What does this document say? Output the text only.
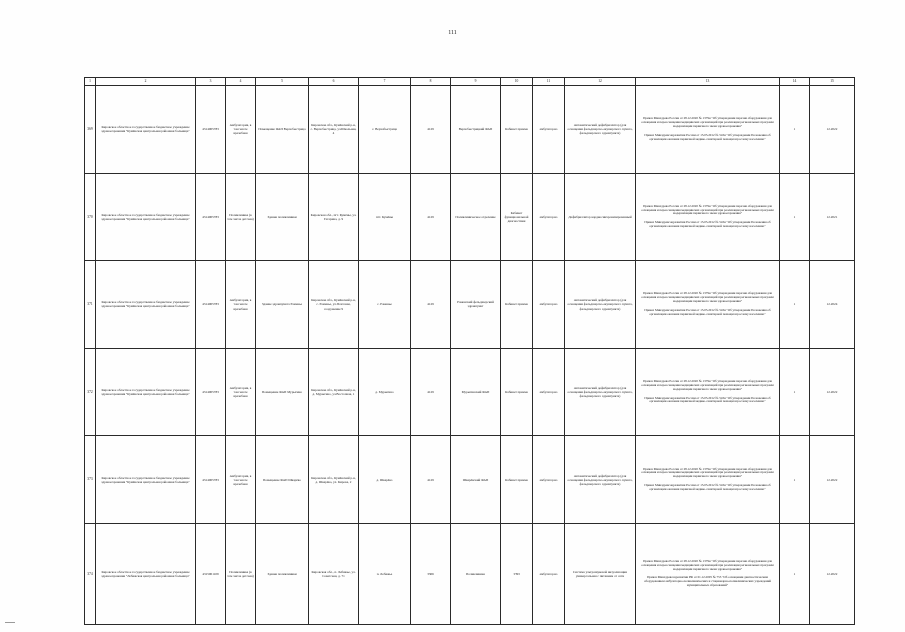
111
1	2	3	4	5	6	7	8	9	10	11	12	13	14	15
369	Кировское областное государственное бюджетное учреждение здравоохранения "Кумёнская центральная районная больница"	4314005783	Амбулатория, в том числе врачебная	Помещение ФАП Верхобыстрица	Кировская обл., Кумёнский р-н, с. Верхобыстрица, ул.Школьная, 4	с. Верхобыстрица	4129	Верхобыстрицкий ФАП	Кабинет приема	амбулаторно	Автоматический дефибриллятор (для оснащения фельдшерско-акушерского пункта, фельдшерского здравпункта)	Приказ Минздрава России от 28.12.2020 № 1379н "Об утверждении перечня оборудования для оснащения и переоснащения медицинских организаций при реализации региональных программ модернизации первичного звена здравоохранения"
Приказ Минздравсоцразвития России от 15.05.2012 № 543н "Об утверждении Положения об организации оказания первичной медико-санитарной помощи взрослому населению"	1	12.2022
370	Кировское областное государственное бюджетное учреждение здравоохранения "Кумёнская центральная районная больница"	4314005783	Поликлиника (в том числе детская)	Здание поликлиники	Кировская обл., пгт. Кумёны, ул. Гагарина, д. 9	пгт. Кумёны	4129	Поликлиническое отделение	Кабинет функциональной диагностики	амбулаторно	Дефибриллятор кардиосинхронизированный	Приказ Минздрава России от 28.12.2020 № 1379н "Об утверждении перечня оборудования для оснащения и переоснащения медицинских организаций при реализации региональных программ модернизации первичного звена здравоохранения"
Приказ Минздравсоцразвития России от 15.05.2012 № 543н "Об утверждении Положения об организации оказания первичной медико-санитарной помощи взрослому населению"	1	12.2021
371	Кировское областное государственное бюджетное учреждение здравоохранения "Кумёнская центральная районная больница"	4314005783	Амбулатория, в том числе врачебная	Здание здравпункта Раменье	Кировская обл., Кумёнский р-н, с. Раменье, ул.Почтовая, сооружение 9	с. Раменье	4129	Раменский фельдшерский здравпункт	Кабинет приема	амбулаторно	Автоматический дефибриллятор (для оснащения фельдшерско-акушерского пункта, фельдшерского здравпункта)	Приказ Минздрава России от 28.12.2020 № 1379н "Об утверждении перечня оборудования для оснащения и переоснащения медицинских организаций при реализации региональных программ модернизации первичного звена здравоохранения"
Приказ Минздравсоцразвития России от 15.05.2012 № 543н "Об утверждении Положения об организации оказания первичной медико-санитарной помощи взрослому населению"	1	12.2024
372	Кировское областное государственное бюджетное учреждение здравоохранения "Кумёнская центральная районная больница"	4314005783	Амбулатория, в том числе врачебная	Помещение ФАП Мурыгино	Кировская обл., Кумёнский р-н, д. Мурыгино, ул.Восточная, 1	д. Мурыгино	4129	Мурыгинский ФАП	Кабинет приема	амбулаторно	Автоматический дефибриллятор (для оснащения фельдшерско-акушерского пункта, фельдшерского здравпункта)	Приказ Минздрава России от 28.12.2020 № 1379н "Об утверждении перечня оборудования для оснащения и переоснащения медицинских организаций при реализации региональных программ модернизации первичного звена здравоохранения"
Приказ Минздравсоцразвития России от 15.05.2012 № 543н "Об утверждении Положения об организации оказания первичной медико-санитарной помощи взрослому населению"	1	12.2022
373	Кировское областное государственное бюджетное учреждение здравоохранения "Кумёнская центральная районная больница"	4314005783	Амбулатория, в том числе врачебная	Помещение ФАП Шварёво	Кировская обл., Кумёнский р-н, д. Шварёво, ул. Кирова, 2	д. Шварёво	4129	Шварёвский ФАП	Кабинет приема	амбулаторно	Автоматический дефибриллятор (для оснащения фельдшерско-акушерского пункта, фельдшерского здравпункта)	Приказ Минздрава России от 28.12.2020 № 1379н "Об утверждении перечня оборудования для оснащения и переоснащения медицинских организаций при реализации региональных программ модернизации первичного звена здравоохранения"
Приказ Минздравсоцразвития России от 15.05.2012 № 543н "Об утверждении Положения об организации оказания первичной медико-санитарной помощи взрослому населению"	1	12.2022
374	Кировское областное государственное бюджетное учреждение здравоохранения "Лебяжская центральная районная больница"	4315001109	Поликлиника (в том числе детская)	Здание поликлиники	Кировская обл., п. Лебяжье, ул. Советская, д. 71	п. Лебяжье	3306	Поликлиника	УЗИ	амбулаторно	Система ультразвуковой визуализации универсальная с питанием от сети	Приказ Минздрава России от 28.12.2020 № 1379н "Об утверждении перечня оборудования для оснащения и переоснащения медицинских организаций при реализации региональных программ модернизации первичного звена здравоохранения"
Приказ Минздравсоцразвития РФ от 01.12.2005 № 753 "Об оснащении диагностическим оборудованием амбулаторно-поликлинических и стационарно-поликлинических учреждений муниципальных образований"	1	12.2022
